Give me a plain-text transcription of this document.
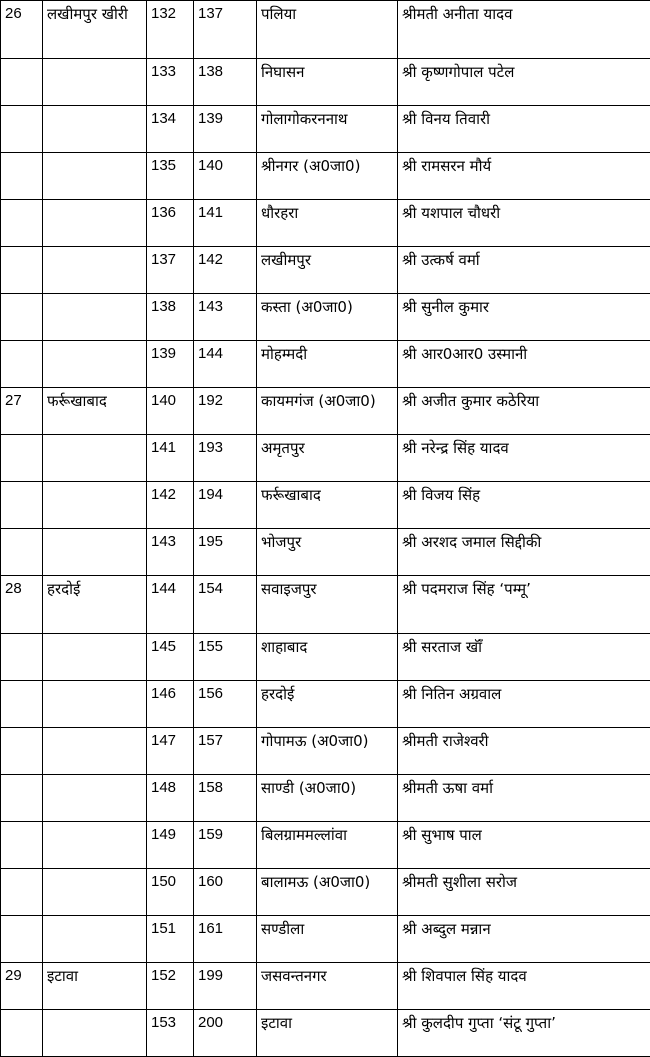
26	लखीमपुर खीरी	132	137	पलिया	श्रीमती अनीता यादव
		133	138	निघासन	श्री कृष्णगोपाल पटेल
		134	139	गोलागोकरननाथ	श्री विनय तिवारी
		135	140	श्रीनगर (अ0जा0)	श्री रामसरन मौर्य
		136	141	धौरहरा	श्री यशपाल चौधरी
		137	142	लखीमपुर	श्री उत्कर्ष वर्मा
		138	143	कस्ता (अ0जा0)	श्री सुनील कुमार
		139	144	मोहम्मदी	श्री आर0आर0 उस्मानी
27	फर्रूखाबाद	140	192	कायमगंज (अ0जा0)	श्री अजीत कुमार कठेरिया
		141	193	अमृतपुर	श्री नरेन्द्र सिंह यादव
		142	194	फर्रूखाबाद	श्री विजय सिंह
		143	195	भोजपुर	श्री अरशद जमाल सिद्दीकी
28	हरदोई	144	154	सवाइजपुर	श्री पदमराज सिंह ‘पम्मू’
		145	155	शाहाबाद	श्री सरताज खॉँ
		146	156	हरदोई	श्री नितिन अग्रवाल
		147	157	गोपामऊ (अ0जा0)	श्रीमती राजेश्वरी
		148	158	साण्डी (अ0जा0)	श्रीमती ऊषा वर्मा
		149	159	बिलग्राममल्लांवा	श्री सुभाष पाल
		150	160	बालामऊ (अ0जा0)	श्रीमती सुशीला सरोज
		151	161	सण्डीला	श्री अब्दुल मन्नान
29	इटावा	152	199	जसवन्तनगर	श्री शिवपाल सिंह यादव
		153	200	इटावा	श्री कुलदीप गुप्ता ‘संटू गुप्ता’
